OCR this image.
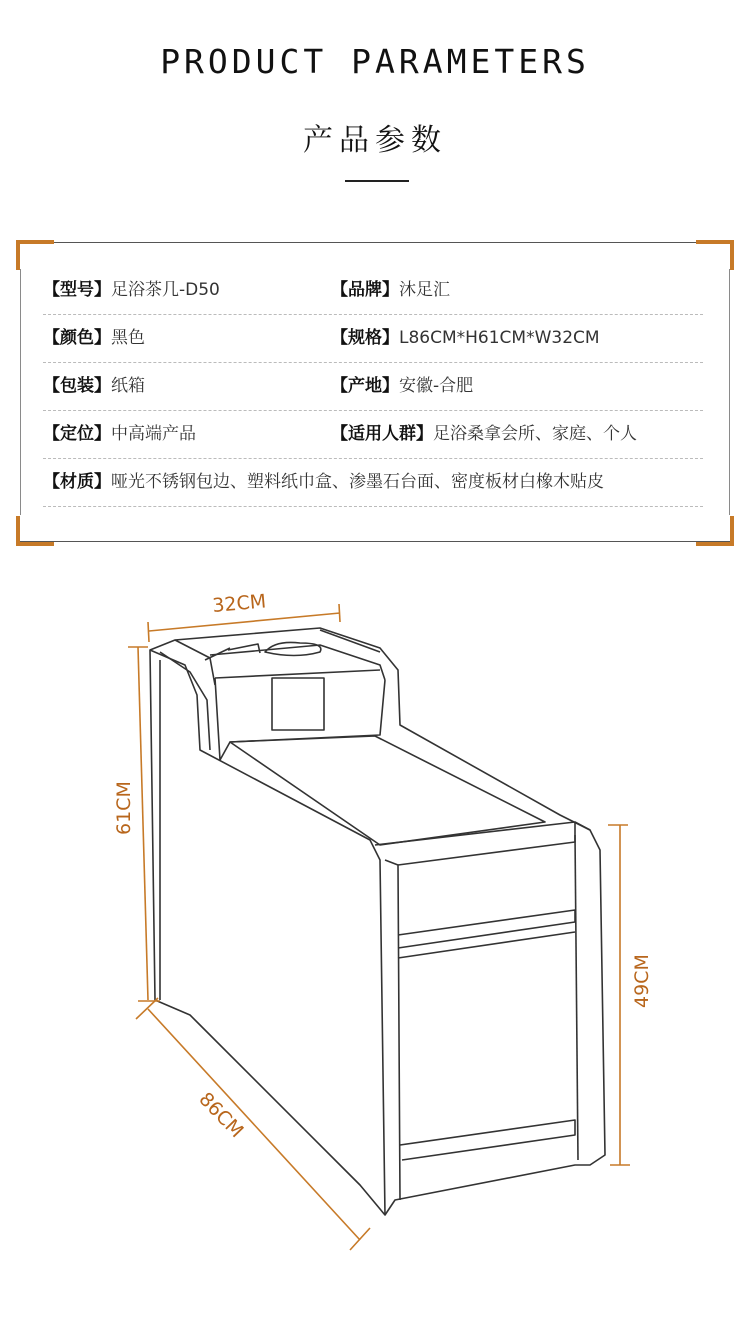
PRODUCT PARAMETERS
产品参数
【型号】足浴茶几-D50	【品牌】沐足汇
【颜色】黑色	【规格】L86CM*H61CM*W32CM
【包装】纸箱	【产地】安徽-合肥
【定位】中高端产品	【适用人群】足浴桑拿会所、家庭、个人
【材质】哑光不锈钢包边、塑料纸巾盒、渗墨石台面、密度板材白橡木贴皮
32CM
61CM
86CM
49CM
